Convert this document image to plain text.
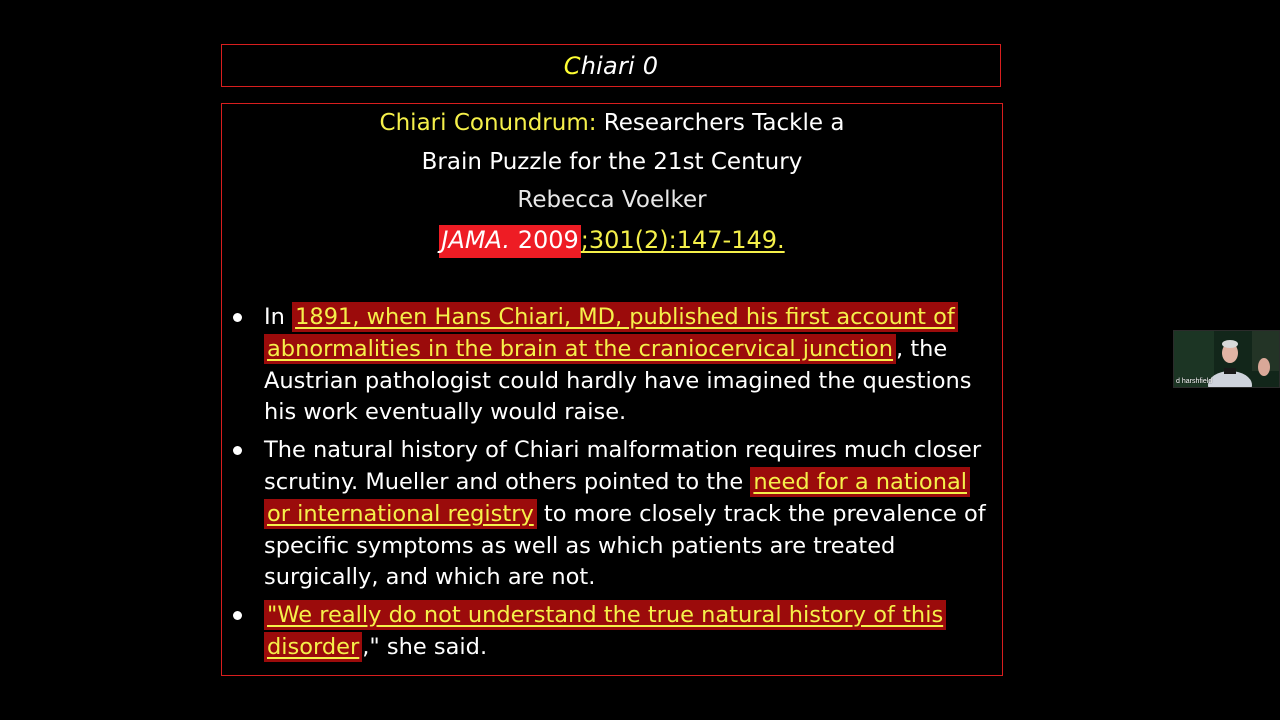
Chiari 0
Chiari Conundrum: Researchers Tackle a
Brain Puzzle for the 21st Century
Rebecca Voelker
JAMA. 2009;301(2):147-149.
In 1891, when Hans Chiari, MD, published his first account of abnormalities in the brain at the craniocervical junction , the Austrian pathologist could hardly have imagined the questions his work eventually would raise.
The natural history of Chiari malformation requires much closer scrutiny. Mueller and others pointed to the need for a national or international registry to more closely track the prevalence of specific symptoms as well as which patients are treated surgically, and which are not.
"We really do not understand the true natural history of this disorder ," she said.
d harshfield
